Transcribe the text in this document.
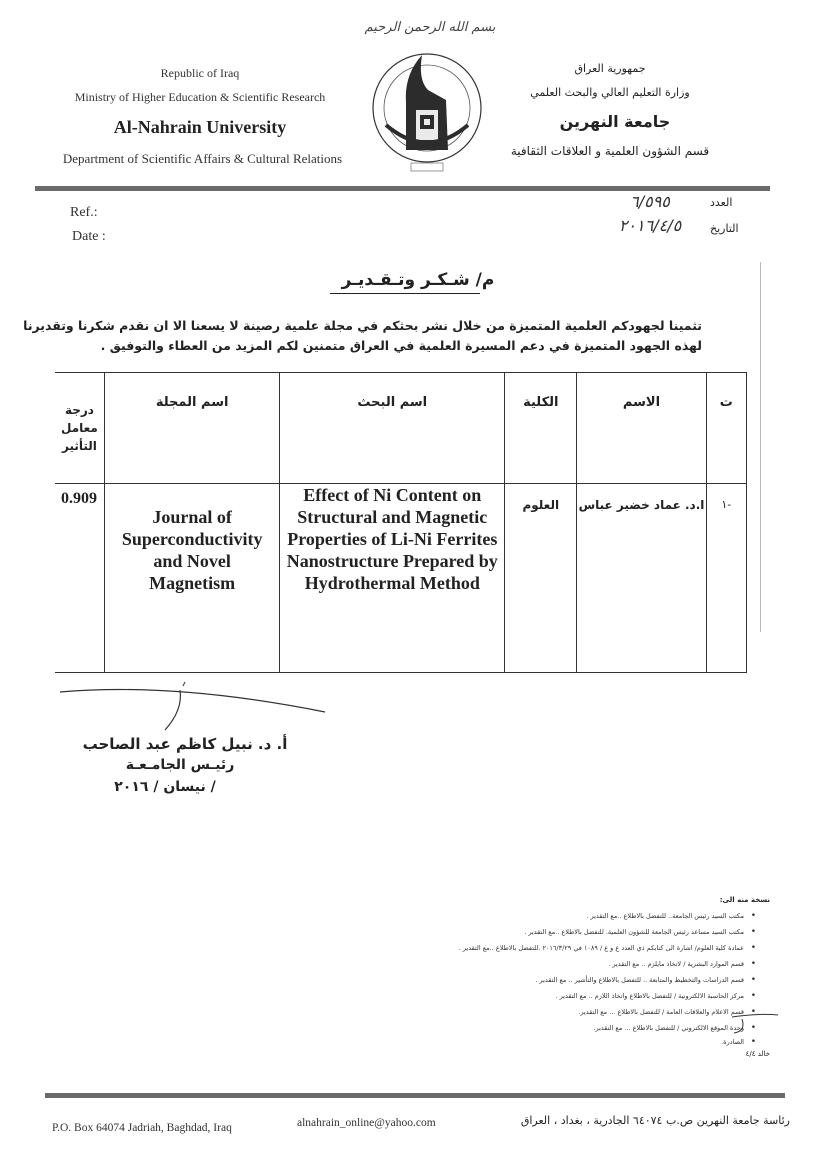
بسم الله الرحمن الرحيم
Republic of Iraq
Ministry of Higher Education & Scientific Research
Al-Nahrain University
Department of Scientific Affairs & Cultural Relations
جمهورية العراق
وزارة التعليم العالي والبحث العلمي
جامعة النهرين
قسم الشؤون العلمية و العلاقات الثقافية
Ref.:
Date :
العدد
٦/٥٩٥
التاريخ
٢٠١٦/٤/٥
م/ شـكـر وتـقـديـر
تثمينا لجهودكم العلمية المتميزة من خلال نشر بحثكم في مجلة علمية رصينة لا يسعنا الا ان نقدم شكرنا وتقديرنا
لهذه الجهود المتميزة في دعم المسيرة العلمية في العراق متمنين لكم المزيد من العطاء والتوفيق .
ت	الاسم	الكلية	اسم البحث	اسم المجلة	درجة معامل التأثير
-١	ا.د. عماد خضير عباس	العلوم	Effect of Ni Content on Structural and Magnetic Properties of Li-Ni Ferrites Nanostructure Prepared by Hydrothermal Method	Journal of Superconductivity and Novel Magnetism	0.909
أ. د. نبيل كاظم عبد الصاحب
رئيـس الجامـعـة
/ نيسان / ٢٠١٦
نسخة منه الى:
• مكتب السيد رئيس الجامعة.. للتفضل بالاطلاع ..مع التقدير .
• مكتب السيد مساعد رئيس الجامعة للشؤون العلمية. للتفضل بالاطلاع ..مع التقدير .
• عمادة كلية العلوم/ اشارة الى كتابكم ذي العدد ع و ع / ١٠٨٩ في ٢٠١٦/٣/٢٩ .للتفضل بالاطلاع ..مع التقدير .
• قسم الموارد البشرية / لاتخاذ مايلزم .. مع التقدير .
• قسم الدراسات والتخطيط والمتابعة .. للتفضل بالاطلاع والتأشير .. مع التقدير .
• مركز الحاسبة الالكترونية / للتفضل بالاطلاع واتخاذ اللازم .. مع التقدير .
• قسم الاعلام والعلاقات العامة / للتفضل بالاطلاع ... مع التقدير.
• وحدة الموقع الالكتروني / للتفضل بالاطلاع ... مع التقدير.
• الصادرة.
خالد ٤/٤
P.O. Box 64074 Jadriah, Baghdad, Iraq	alnahrain_online@yahoo.com	رئاسة جامعة النهرين ص.ب ٦٤٠٧٤ الجادرية ، بغداد ، العراق
